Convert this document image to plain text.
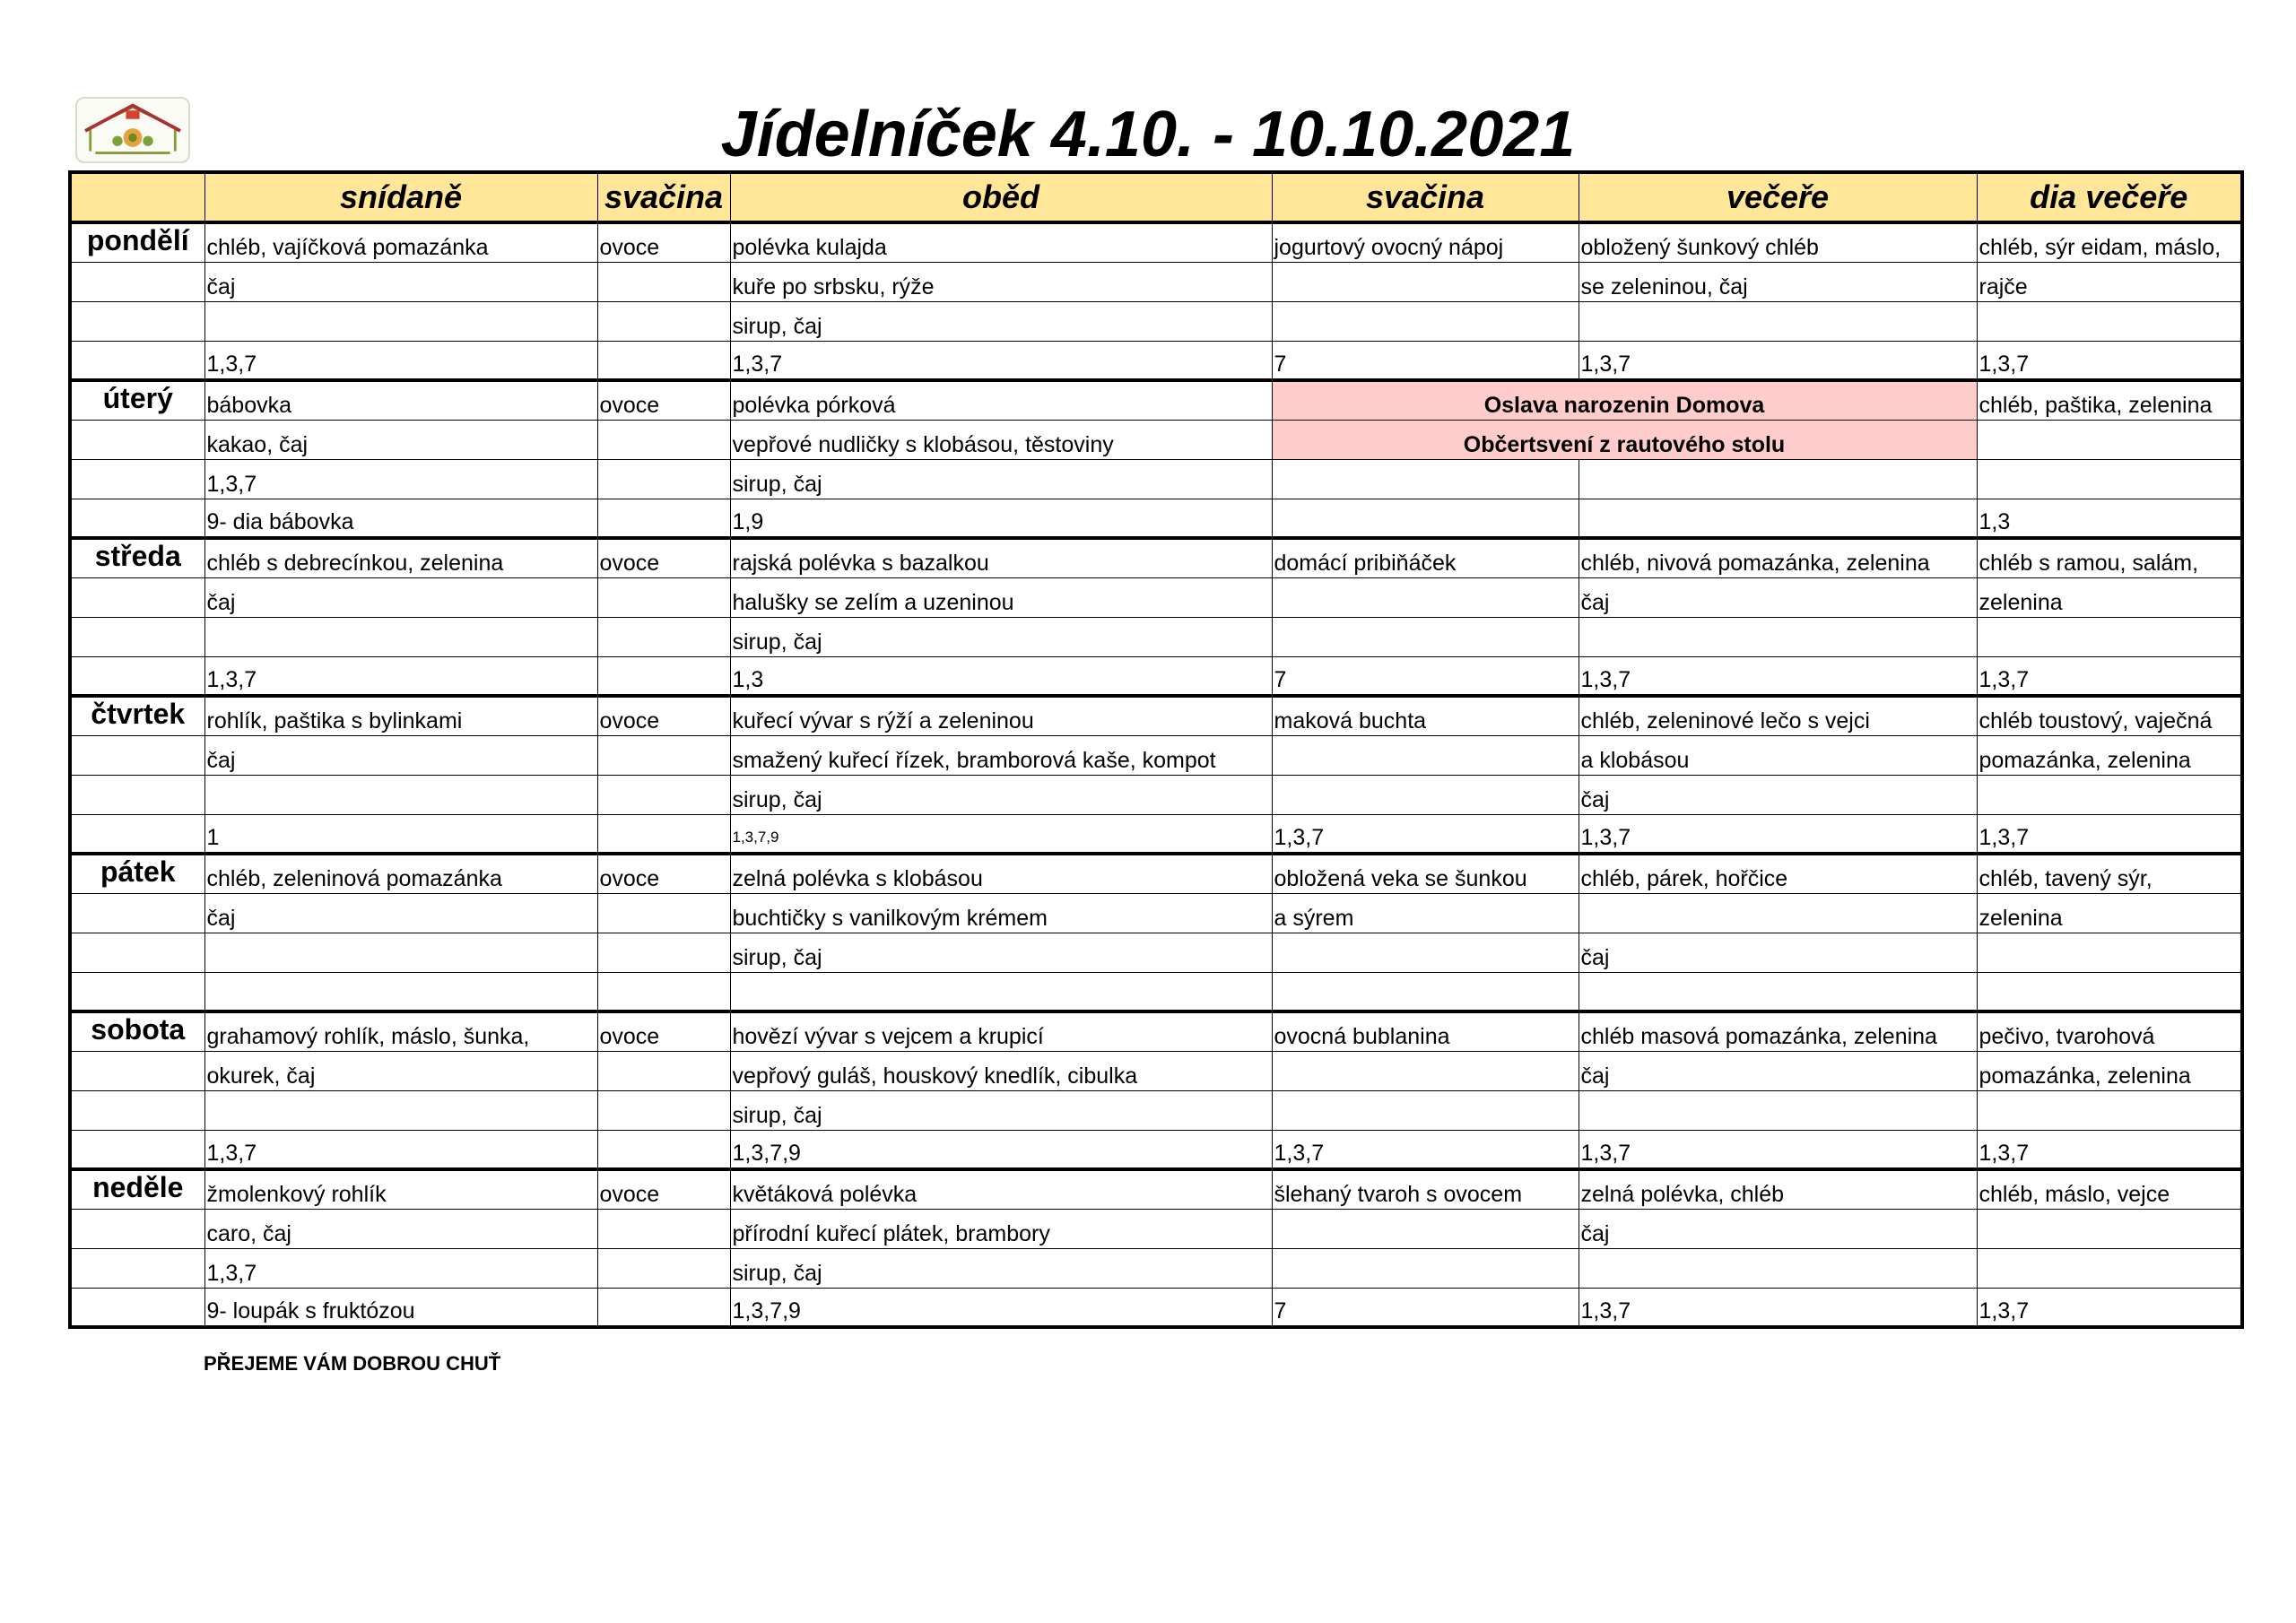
Jídelníček 4.10. - 10.10.2021
	snídaně	svačina	oběd	svačina	večeře	dia večeře
pondělí	chléb, vajíčková pomazánka	ovoce	polévka kulajda	jogurtový ovocný nápoj	obložený šunkový chléb	chléb, sýr eidam, máslo,
	čaj		kuře po srbsku, rýže		se zeleninou, čaj	rajče
			sirup, čaj			
	1,3,7		1,3,7	7	1,3,7	1,3,7
úterý	bábovka	ovoce	polévka pórková	Oslava narozenin Domova		chléb, paštika, zelenina
	kakao, čaj		vepřové nudličky s klobásou, těstoviny	Občertsvení z rautového stolu		
	1,3,7		sirup, čaj			
	9- dia bábovka		1,9			1,3
středa	chléb s debrecínkou, zelenina	ovoce	rajská polévka s bazalkou	domácí pribiňáček	chléb, nivová pomazánka, zelenina	chléb s ramou, salám,
	čaj		halušky se zelím a uzeninou		čaj	zelenina
			sirup, čaj			
	1,3,7		1,3	7	1,3,7	1,3,7
čtvrtek	rohlík, paštika s bylinkami	ovoce	kuřecí vývar s rýží a zeleninou	maková buchta	chléb, zeleninové lečo s vejci	chléb toustový, vaječná
	čaj		smažený kuřecí řízek, bramborová kaše, kompot		a klobásou	pomazánka, zelenina
			sirup, čaj		čaj	
	1		1,3,7,9	1,3,7	1,3,7	1,3,7
pátek	chléb, zeleninová pomazánka	ovoce	zelná polévka s klobásou	obložená veka se šunkou	chléb, párek, hořčice	chléb, tavený sýr,
	čaj		buchtičky s vanilkovým krémem	a sýrem		zelenina
			sirup, čaj		čaj	

sobota	grahamový rohlík, máslo, šunka,	ovoce	hovězí vývar s vejcem a krupicí	ovocná bublanina	chléb masová pomazánka, zelenina	pečivo, tvarohová
	okurek, čaj		vepřový guláš, houskový knedlík, cibulka		čaj	pomazánka, zelenina
			sirup, čaj			
	1,3,7		1,3,7,9	1,3,7	1,3,7	1,3,7
neděle	žmolenkový rohlík	ovoce	květáková polévka	šlehaný tvaroh s ovocem	zelná polévka, chléb	chléb, máslo, vejce
	caro, čaj		přírodní kuřecí plátek, brambory		čaj	
	1,3,7		sirup, čaj			
	9- loupák s fruktózou		1,3,7,9	7	1,3,7	1,3,7
PŘEJEME VÁM DOBROU CHUŤ
